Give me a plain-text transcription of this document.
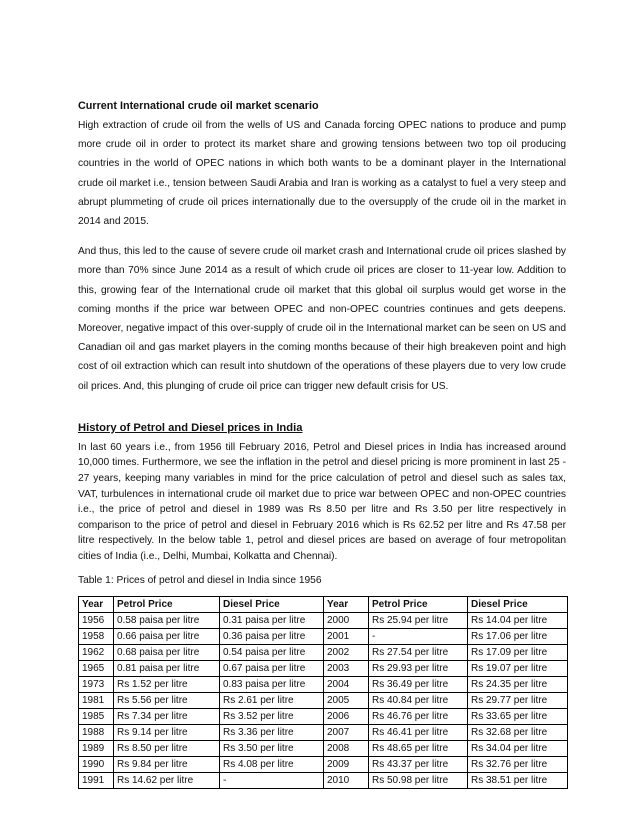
Current International crude oil market scenario

High extraction of crude oil from the wells of US and Canada forcing OPEC nations to produce and pump more crude oil in order to protect its market share and growing tensions between two top oil producing countries in the world of OPEC nations in which both wants to be a dominant player in the International crude oil market i.e., tension between Saudi Arabia and Iran is working as a catalyst to fuel a very steep and abrupt plummeting of crude oil prices internationally due to the oversupply of the crude oil in the market in 2014 and 2015.

And thus, this led to the cause of severe crude oil market crash and International crude oil prices slashed by more than 70% since June 2014 as a result of which crude oil prices are closer to 11-year low. Addition to this, growing fear of the International crude oil market that this global oil surplus would get worse in the coming months if the price war between OPEC and non-OPEC countries continues and gets deepens. Moreover, negative impact of this over-supply of crude oil in the International market can be seen on US and Canadian oil and gas market players in the coming months because of their high breakeven point and high cost of oil extraction which can result into shutdown of the operations of these players due to very low crude oil prices. And, this plunging of crude oil price can trigger new default crisis for US.

History of Petrol and Diesel prices in India

In last 60 years i.e., from 1956 till February 2016, Petrol and Diesel prices in India has increased around 10,000 times. Furthermore, we see the inflation in the petrol and diesel pricing is more prominent in last 25 - 27 years, keeping many variables in mind for the price calculation of petrol and diesel such as sales tax, VAT, turbulences in international crude oil market due to price war between OPEC and non-OPEC countries i.e., the price of petrol and diesel in 1989 was Rs 8.50 per litre and Rs 3.50 per litre respectively in comparison to the price of petrol and diesel in February 2016 which is Rs 62.52 per litre and Rs 47.58 per litre respectively. In the below table 1, petrol and diesel prices are based on average of four metropolitan cities of India (i.e., Delhi, Mumbai, Kolkatta and Chennai).

Table 1: Prices of petrol and diesel in India since 1956
Year	Petrol Price	Diesel Price	Year	Petrol Price	Diesel Price
1956	0.58 paisa per litre	0.31 paisa per litre	2000	Rs 25.94 per litre	Rs 14.04 per litre
1958	0.66 paisa per litre	0.36 paisa per litre	2001	-	Rs 17.06 per litre
1962	0.68 paisa per litre	0.54 paisa per litre	2002	Rs 27.54 per litre	Rs 17.09 per litre
1965	0.81 paisa per litre	0.67 paisa per litre	2003	Rs 29.93 per litre	Rs 19.07 per litre
1973	Rs 1.52 per litre	0.83 paisa per litre	2004	Rs 36.49 per litre	Rs 24.35 per litre
1981	Rs 5.56 per litre	Rs 2.61 per litre	2005	Rs 40.84 per litre	Rs 29.77 per litre
1985	Rs 7.34 per litre	Rs 3.52 per litre	2006	Rs 46.76 per litre	Rs 33.65 per litre
1988	Rs 9.14 per litre	Rs 3.36 per litre	2007	Rs 46.41 per litre	Rs 32.68 per litre
1989	Rs 8.50 per litre	Rs 3.50 per litre	2008	Rs 48.65 per litre	Rs 34.04 per litre
1990	Rs 9.84 per litre	Rs 4.08 per litre	2009	Rs 43.37 per litre	Rs 32.76 per litre
1991	Rs 14.62 per litre	-	2010	Rs 50.98 per litre	Rs 38.51 per litre
